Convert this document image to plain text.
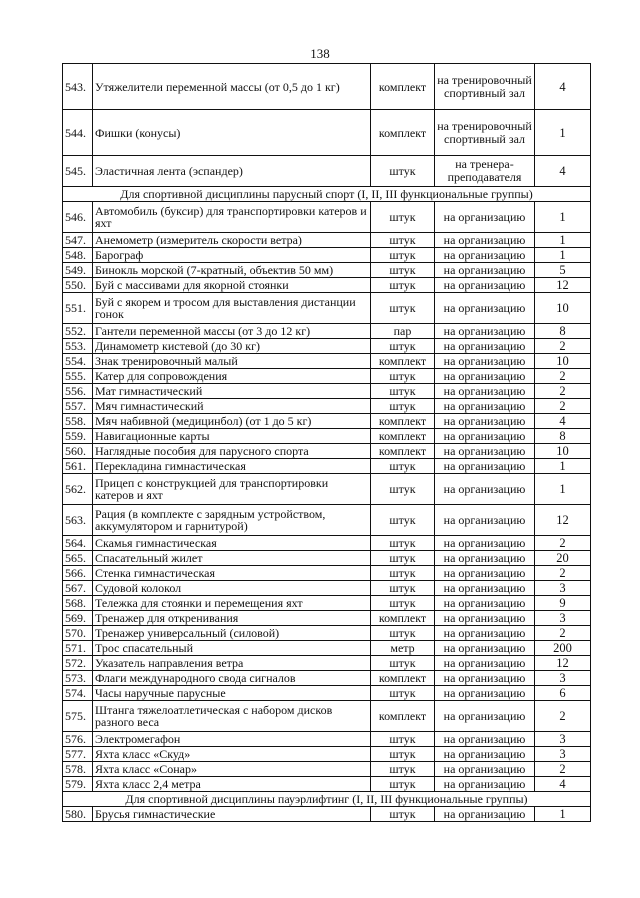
138
543.	Утяжелители переменной массы (от 0,5 до 1 кг)	комплект	на тренировочный спортивный зал	4
544.	Фишки (конусы)	комплект	на тренировочный спортивный зал	1
545.	Эластичная лента (эспандер)	штук	на тренера-преподавателя	4
Для спортивной дисциплины парусный спорт (I, II, III функциональные группы)				
546.	Автомобиль (буксир) для транспортировки катеров и яхт	штук	на организацию	1
547.	Анемометр (измеритель скорости ветра)	штук	на организацию	1
548.	Барограф	штук	на организацию	1
549.	Бинокль морской (7-кратный, объектив 50 мм)	штук	на организацию	5
550.	Буй с массивами для якорной стоянки	штук	на организацию	12
551.	Буй с якорем и тросом для выставления дистанции гонок	штук	на организацию	10
552.	Гантели переменной массы (от 3 до 12 кг)	пар	на организацию	8
553.	Динамометр кистевой (до 30 кг)	штук	на организацию	2
554.	Знак тренировочный малый	комплект	на организацию	10
555.	Катер для сопровождения	штук	на организацию	2
556.	Мат гимнастический	штук	на организацию	2
557.	Мяч гимнастический	штук	на организацию	2
558.	Мяч набивной (медицинбол) (от 1 до 5 кг)	комплект	на организацию	4
559.	Навигационные карты	комплект	на организацию	8
560.	Наглядные пособия для парусного спорта	комплект	на организацию	10
561.	Перекладина гимнастическая	штук	на организацию	1
562.	Прицеп с конструкцией для транспортировки катеров и яхт	штук	на организацию	1
563.	Рация (в комплекте с зарядным устройством, аккумулятором и гарнитурой)	штук	на организацию	12
564.	Скамья гимнастическая	штук	на организацию	2
565.	Спасательный жилет	штук	на организацию	20
566.	Стенка гимнастическая	штук	на организацию	2
567.	Судовой колокол	штук	на организацию	3
568.	Тележка для стоянки и перемещения яхт	штук	на организацию	9
569.	Тренажер для откренивания	комплект	на организацию	3
570.	Тренажер универсальный (силовой)	штук	на организацию	2
571.	Трос спасательный	метр	на организацию	200
572.	Указатель направления ветра	штук	на организацию	12
573.	Флаги международного свода сигналов	комплект	на организацию	3
574.	Часы наручные парусные	штук	на организацию	6
575.	Штанга тяжелоатлетическая с набором дисков разного веса	комплект	на организацию	2
576.	Электромегафон	штук	на организацию	3
577.	Яхта класс «Скуд»	штук	на организацию	3
578.	Яхта класс «Сонар»	штук	на организацию	2
579.	Яхта класс 2,4 метра	штук	на организацию	4
Для спортивной дисциплины пауэрлифтинг (I, II, III функциональные группы)				
580.	Брусья гимнастические	штук	на организацию	1
